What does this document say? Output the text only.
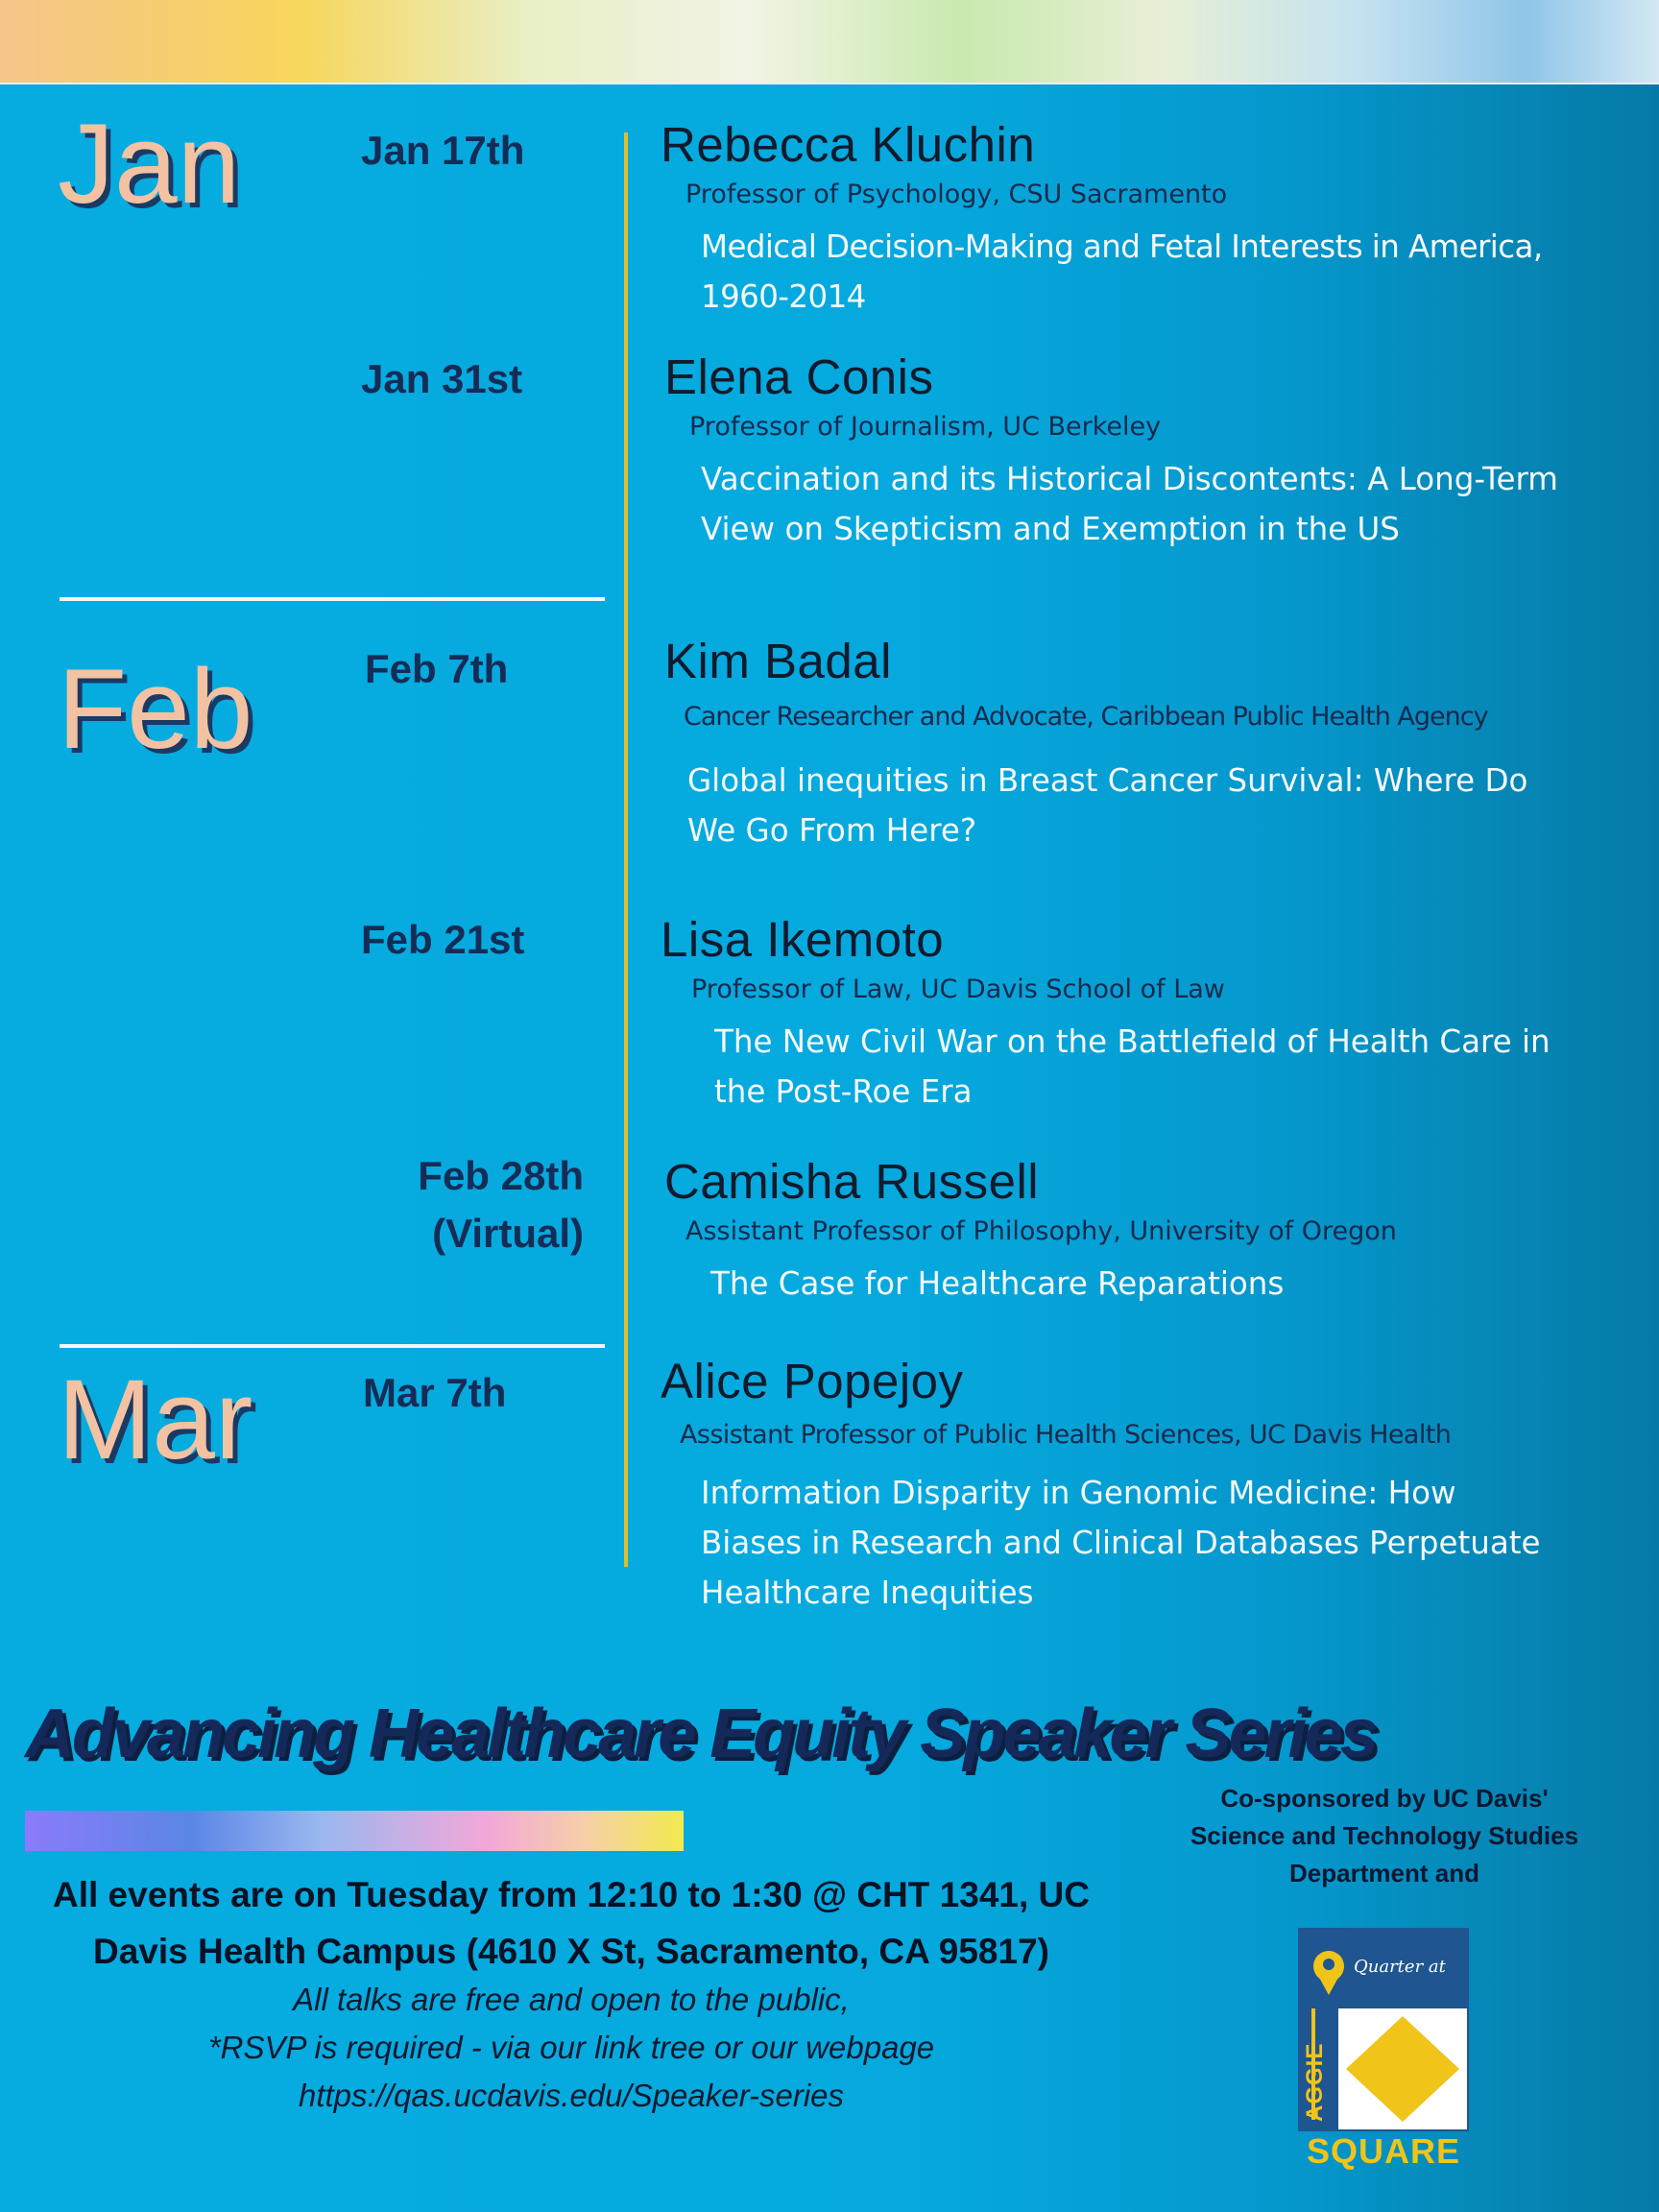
Jan
Feb
Mar
Jan 17th
Jan 31st
Feb 7th
Feb 21st
Feb 28th
(Virtual)
Mar 7th
Rebecca Kluchin
Professor of Psychology, CSU Sacramento
Medical Decision-Making and Fetal Interests in America, 1960-2014
Elena Conis
Professor of Journalism, UC Berkeley
Vaccination and its Historical Discontents: A Long-Term View on Skepticism and Exemption in the US
Kim Badal
Cancer Researcher and Advocate, Caribbean Public Health Agency
Global inequities in Breast Cancer Survival: Where Do We Go From Here?
Lisa Ikemoto
Professor of Law, UC Davis School of Law
The New Civil War on the Battlefield of Health Care in the Post-Roe Era
Camisha Russell
Assistant Professor of Philosophy, University of Oregon
The Case for Healthcare Reparations
Alice Popejoy
Assistant Professor of Public Health Sciences, UC Davis Health
Information Disparity in Genomic Medicine: How Biases in Research and Clinical Databases Perpetuate Healthcare Inequities
Advancing Healthcare Equity Speaker Series
All events are on Tuesday from 12:10 to 1:30 @ CHT 1341, UC
Davis Health Campus (4610 X St, Sacramento, CA 95817)
All talks are free and open to the public,
*RSVP is required - via our link tree or our webpage
https://qas.ucdavis.edu/Speaker-series
Co-sponsored by UC Davis'
Science and Technology Studies
Department and
Quarter at
AGGIE
SQUARE
